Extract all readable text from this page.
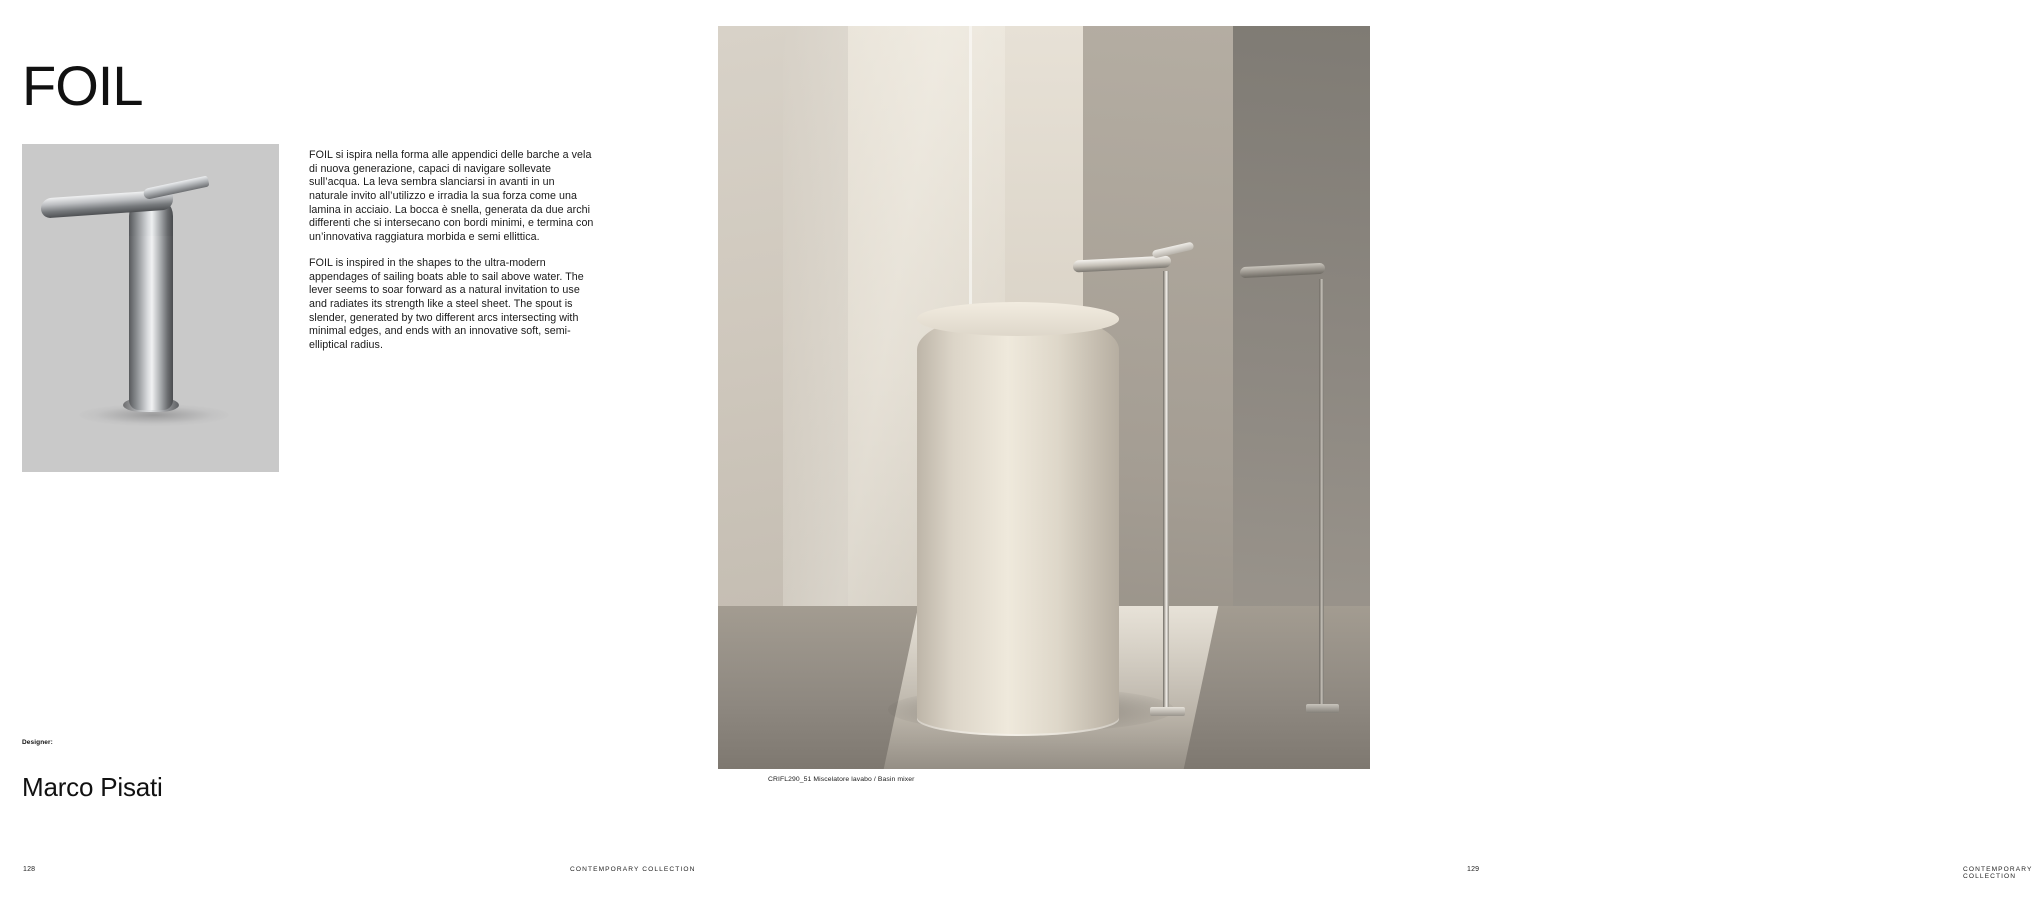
FOIL

FOIL si ispira nella forma alle appendici delle barche a vela di nuova generazione, capaci di navigare sollevate sull’acqua. La leva sembra slanciarsi in avanti in un naturale invito all’utilizzo e irradia la sua forza come una lamina in acciaio. La bocca è snella, generata da due archi differenti che si intersecano con bordi minimi, e termina con un’innovativa raggiatura morbida e semi ellittica.

FOIL is inspired in the shapes to the ultra-modern appendages of sailing boats able to sail above water. The lever seems to soar forward as a natural invitation to use and radiates its strength like a steel sheet. The spout is slender, generated by two different arcs intersecting with minimal edges, and ends with an innovative soft, semi-elliptical radius.

Designer:
Marco Pisati
128	CONTEMPORARY COLLECTION
CRIFL290_51 Miscelatore lavabo / Basin mixer
129	CONTEMPORARY COLLECTION
